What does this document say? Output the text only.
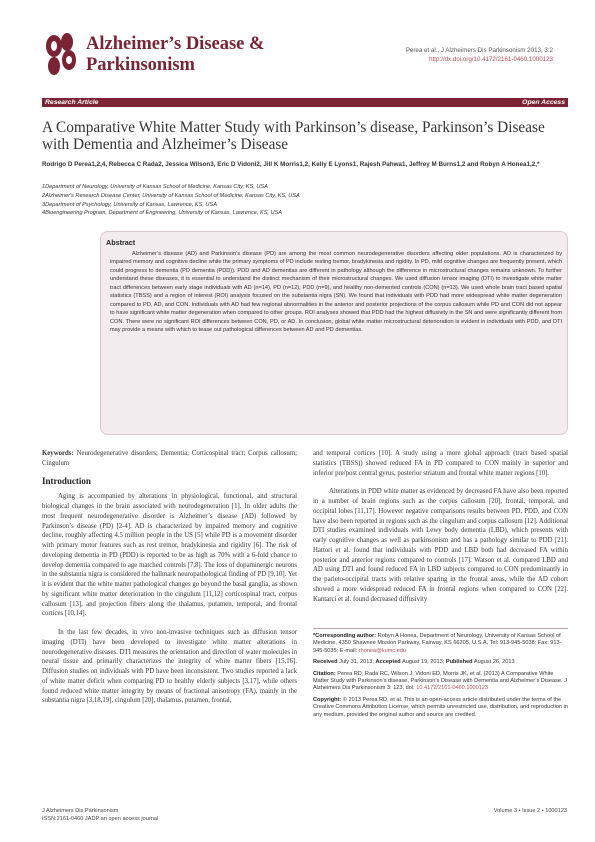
Alzheimer’s Disease & Parkinsonism
Perea et al., J Alzheimers Dis Parkinsonism 2013, 3:2
http://dx.doi.org/10.4172/2161-0460.1000123
Research Article	Open Access
A Comparative White Matter Study with Parkinson’s disease, Parkinson’s Disease with Dementia and Alzheimer’s Disease
Rodrigo D Perea1,2,4, Rebecca C Rada2, Jessica Wilson3, Eric D Vidoni2, Jill K Morris1,2, Kelly E Lyons1, Rajesh Pahwa1, Jeffrey M Burns1,2 and Robyn A Honea1,2,*
1Department of Neurology, University of Kansas School of Medicine, Kansas City, KS, USA
2Alzheimer's Research Disease Center, University of Kansas School of Medicine, Kansas City, KS, USA
3Department of Psychology, University of Kansas, Lawrence, KS, USA
4Bioengineering Program, Department of Engineering, University of Kansas, Lawrence, KS, USA
Abstract

Alzheimer’s disease (AD) and Parkinson’s disease (PD) are among the most common neurodegenerative disorders affecting older populations. AD is characterized by impaired memory and cognitive decline while the primary symptoms of PD include resting tremor, bradykinesia and rigidity. In PD, mild cognitive changes are frequently present, which could progress to dementia (PD dementia (PDD)). PDD and AD dementias are different in pathology although the difference in microstructural changes remains unknown. To further understand these diseases, it is essential to understand the distinct mechanism of their microstructural changes. We used diffusion tensor imaging (DTI) to investigate white matter tract differences between early stage individuals with AD (n=14), PD (n=12), PDD (n=9), and healthy non-demented controls (CON) (n=13). We used whole brain tract based spatial statistics (TBSS) and a region of interest (ROI) analysis focused on the substantia nigra (SN). We found that individuals with PDD had more widespread white matter degeneration compared to PD, AD, and CON. Individuals with AD had few regional abnormalities in the anterior and posterior projections of the corpus callosum while PD and CON did not appear to have significant white matter degeneration when compared to other groups. ROI analyses showed that PDD had the highest diffusivity in the SN and were significantly different from CON. There were no significant ROI differences between CON, PD, or AD. In conclusion, global white matter microstructural deterioration is evident in individuals with PDD, and DTI may provide a means with which to tease out pathological differences between AD and PD dementias.

Keywords: Neurodegenerative disorders; Dementia; Corticospinal tract; Corpus callosum; Cingulum

Introduction

Aging is accompanied by alterations in physiological, functional, and structural biological changes in the brain associated with neurodegeneration [1]. In older adults the most frequent neurodegenerative disorder is Alzheimer’s disease (AD) followed by Parkinson’s disease (PD) [2-4]. AD is characterized by impaired memory and cognitive decline, roughly affecting 4.5 million people in the US [5] while PD is a movement disorder with primary motor features such as rest tremor, bradykinesia and rigidity [6]. The risk of developing dementia in PD (PDD) is reported to be as high as 70% with a 6-fold chance to develop dementia compared to age matched controls [7,8]. The loss of dopaminergic neurons in the substantia nigra is considered the hallmark neuropathological finding of PD [9,10]. Yet it is evident that the white matter pathological changes go beyond the basal ganglia, as shown by significant white matter deterioration in the cingulum [11,12] corticospinal tract, corpus callosum [13], and projection fibers along the thalamus, putamen, temporal, and frontal cortices [10,14].

In the last few decades, in vivo non-invasive techniques such as diffusion tensor imaging (DTI) have been developed to investigate white matter alterations in neurodegenerative diseases. DTI measures the orientation and direction of water molecules in neural tissue and primarily characterizes the integrity of white matter fibers [15,16]. Diffusion studies on individuals with PD have been inconsistent. Two studies reported a lack of white matter deficit when comparing PD to healthy elderly subjects [3,17], while others found reduced white matter integrity by means of fractional anisotropy (FA), mainly in the substantia nigra [3,18,19], cingulum [20], thalamus, putamen, frontal,

and temporal cortices [10]. A study using a more global approach (tract based spatial statistics (TBSS)) showed reduced FA in PD compared to CON mainly in superior and inferior pre/post central gyrus, posterior striatum and frontal white matter regions [10].

Alterations in PDD white matter as evidenced by decreased FA have also been reported in a number of brain regions such as the corpus callosum [20], frontal, temporal, and occipital lobes [11,17]. However negative comparisons results between PD, PDD, and CON have also been reported in regions such as the cingulum and corpus callosum [12]. Additional DTI studies examined individuals with Lewy body dementia (LBD), which presents with early cognitive changes as well as parkinsonism and has a pathology similar to PDD [21]. Hattori et al. found that individuals with PDD and LBD both had decreased FA within posterior and anterior regions compared to controls [17]. Watson et al. compared LBD and AD using DTI and found reduced FA in LBD subjects compared to CON predominantly in the parieto-occipital tracts with relative sparing in the frontal areas, while the AD cohort showed a more widespread reduced FA in frontal regions when compared to CON [22]. Kantarci et al. found decreased diffusivity

*Corresponding author: Robyn A Honea, Department of Neurology, University of Kansas School of Medicine, 4350 Shawnee Mission Parkway, Fairway, KS 66205, U.S.A, Tel: 913-945-5038; Fax: 913-945-5035; E-mail: rhonea@kumc.edu

Received July 31, 2013; Accepted August 19, 2013; Published August 26, 2013

Citation: Perea RD, Rada RC, Wilson J, Vidoni ED, Morris JK, et al. (2013) A Comparative White Matter Study with Parkinson’s disease, Parkinson’s Disease with Dementia and Alzheimer’s Disease. J Alzheimers Dis Parkinsonism 3: 123. doi: 10.4172/2161-0460.1000123

Copyright: © 2013 Perea RD, et al. This is an open-access article distributed under the terms of the Creative Commons Attribution License, which permits unrestricted use, distribution, and reproduction in any medium, provided the original author and source are credited.

J Alzheimers Dis Parkinsonism
ISSN:2161-0460 JADP an open access journal
Volume 3 • Issue 2 • 1000123
